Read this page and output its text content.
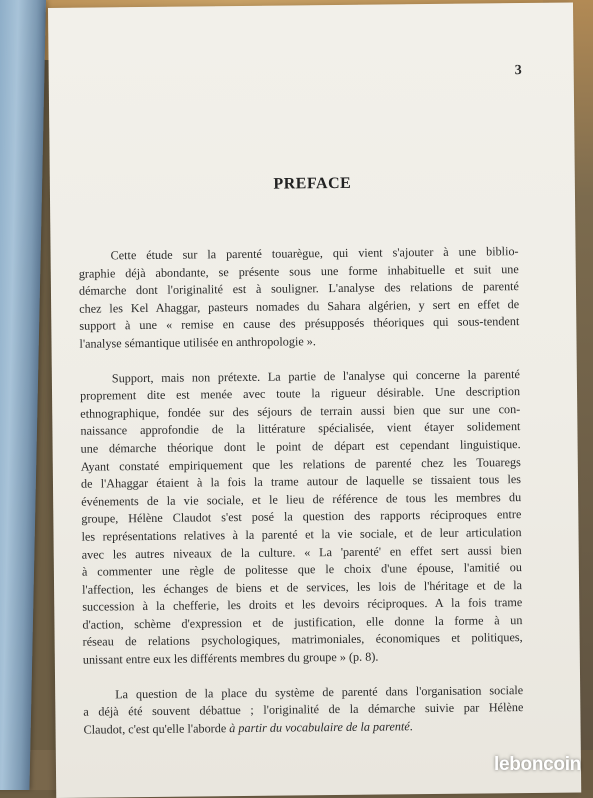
3
PREFACE
Cette étude sur la parenté touarègue, qui vient s'ajouter à une biblio-
graphie déjà abondante, se présente sous une forme inhabituelle et suit une
démarche dont l'originalité est à souligner. L'analyse des relations de parenté
chez les Kel Ahaggar, pasteurs nomades du Sahara algérien, y sert en effet de
support à une « remise en cause des présupposés théoriques qui sous-tendent
l'analyse sémantique utilisée en anthropologie ».
Support, mais non prétexte. La partie de l'analyse qui concerne la parenté
proprement dite est menée avec toute la rigueur désirable. Une description
ethnographique, fondée sur des séjours de terrain aussi bien que sur une con-
naissance approfondie de la littérature spécialisée, vient étayer solidement
une démarche théorique dont le point de départ est cependant linguistique.
Ayant constaté empiriquement que les relations de parenté chez les Touaregs
de l'Ahaggar étaient à la fois la trame autour de laquelle se tissaient tous les
événements de la vie sociale, et le lieu de référence de tous les membres du
groupe, Hélène Claudot s'est posé la question des rapports réciproques entre
les représentations relatives à la parenté et la vie sociale, et de leur articulation
avec les autres niveaux de la culture. « La 'parenté' en effet sert aussi bien
à commenter une règle de politesse que le choix d'une épouse, l'amitié ou
l'affection, les échanges de biens et de services, les lois de l'héritage et de la
succession à la chefferie, les droits et les devoirs réciproques. A la fois trame
d'action, schème d'expression et de justification, elle donne la forme à un
réseau de relations psychologiques, matrimoniales, économiques et politiques,
unissant entre eux les différents membres du groupe » (p. 8).
La question de la place du système de parenté dans l'organisation sociale
a déjà été souvent débattue ; l'originalité de la démarche suivie par Hélène
Claudot, c'est qu'elle l'aborde à partir du vocabulaire de la parenté.
leboncoin
